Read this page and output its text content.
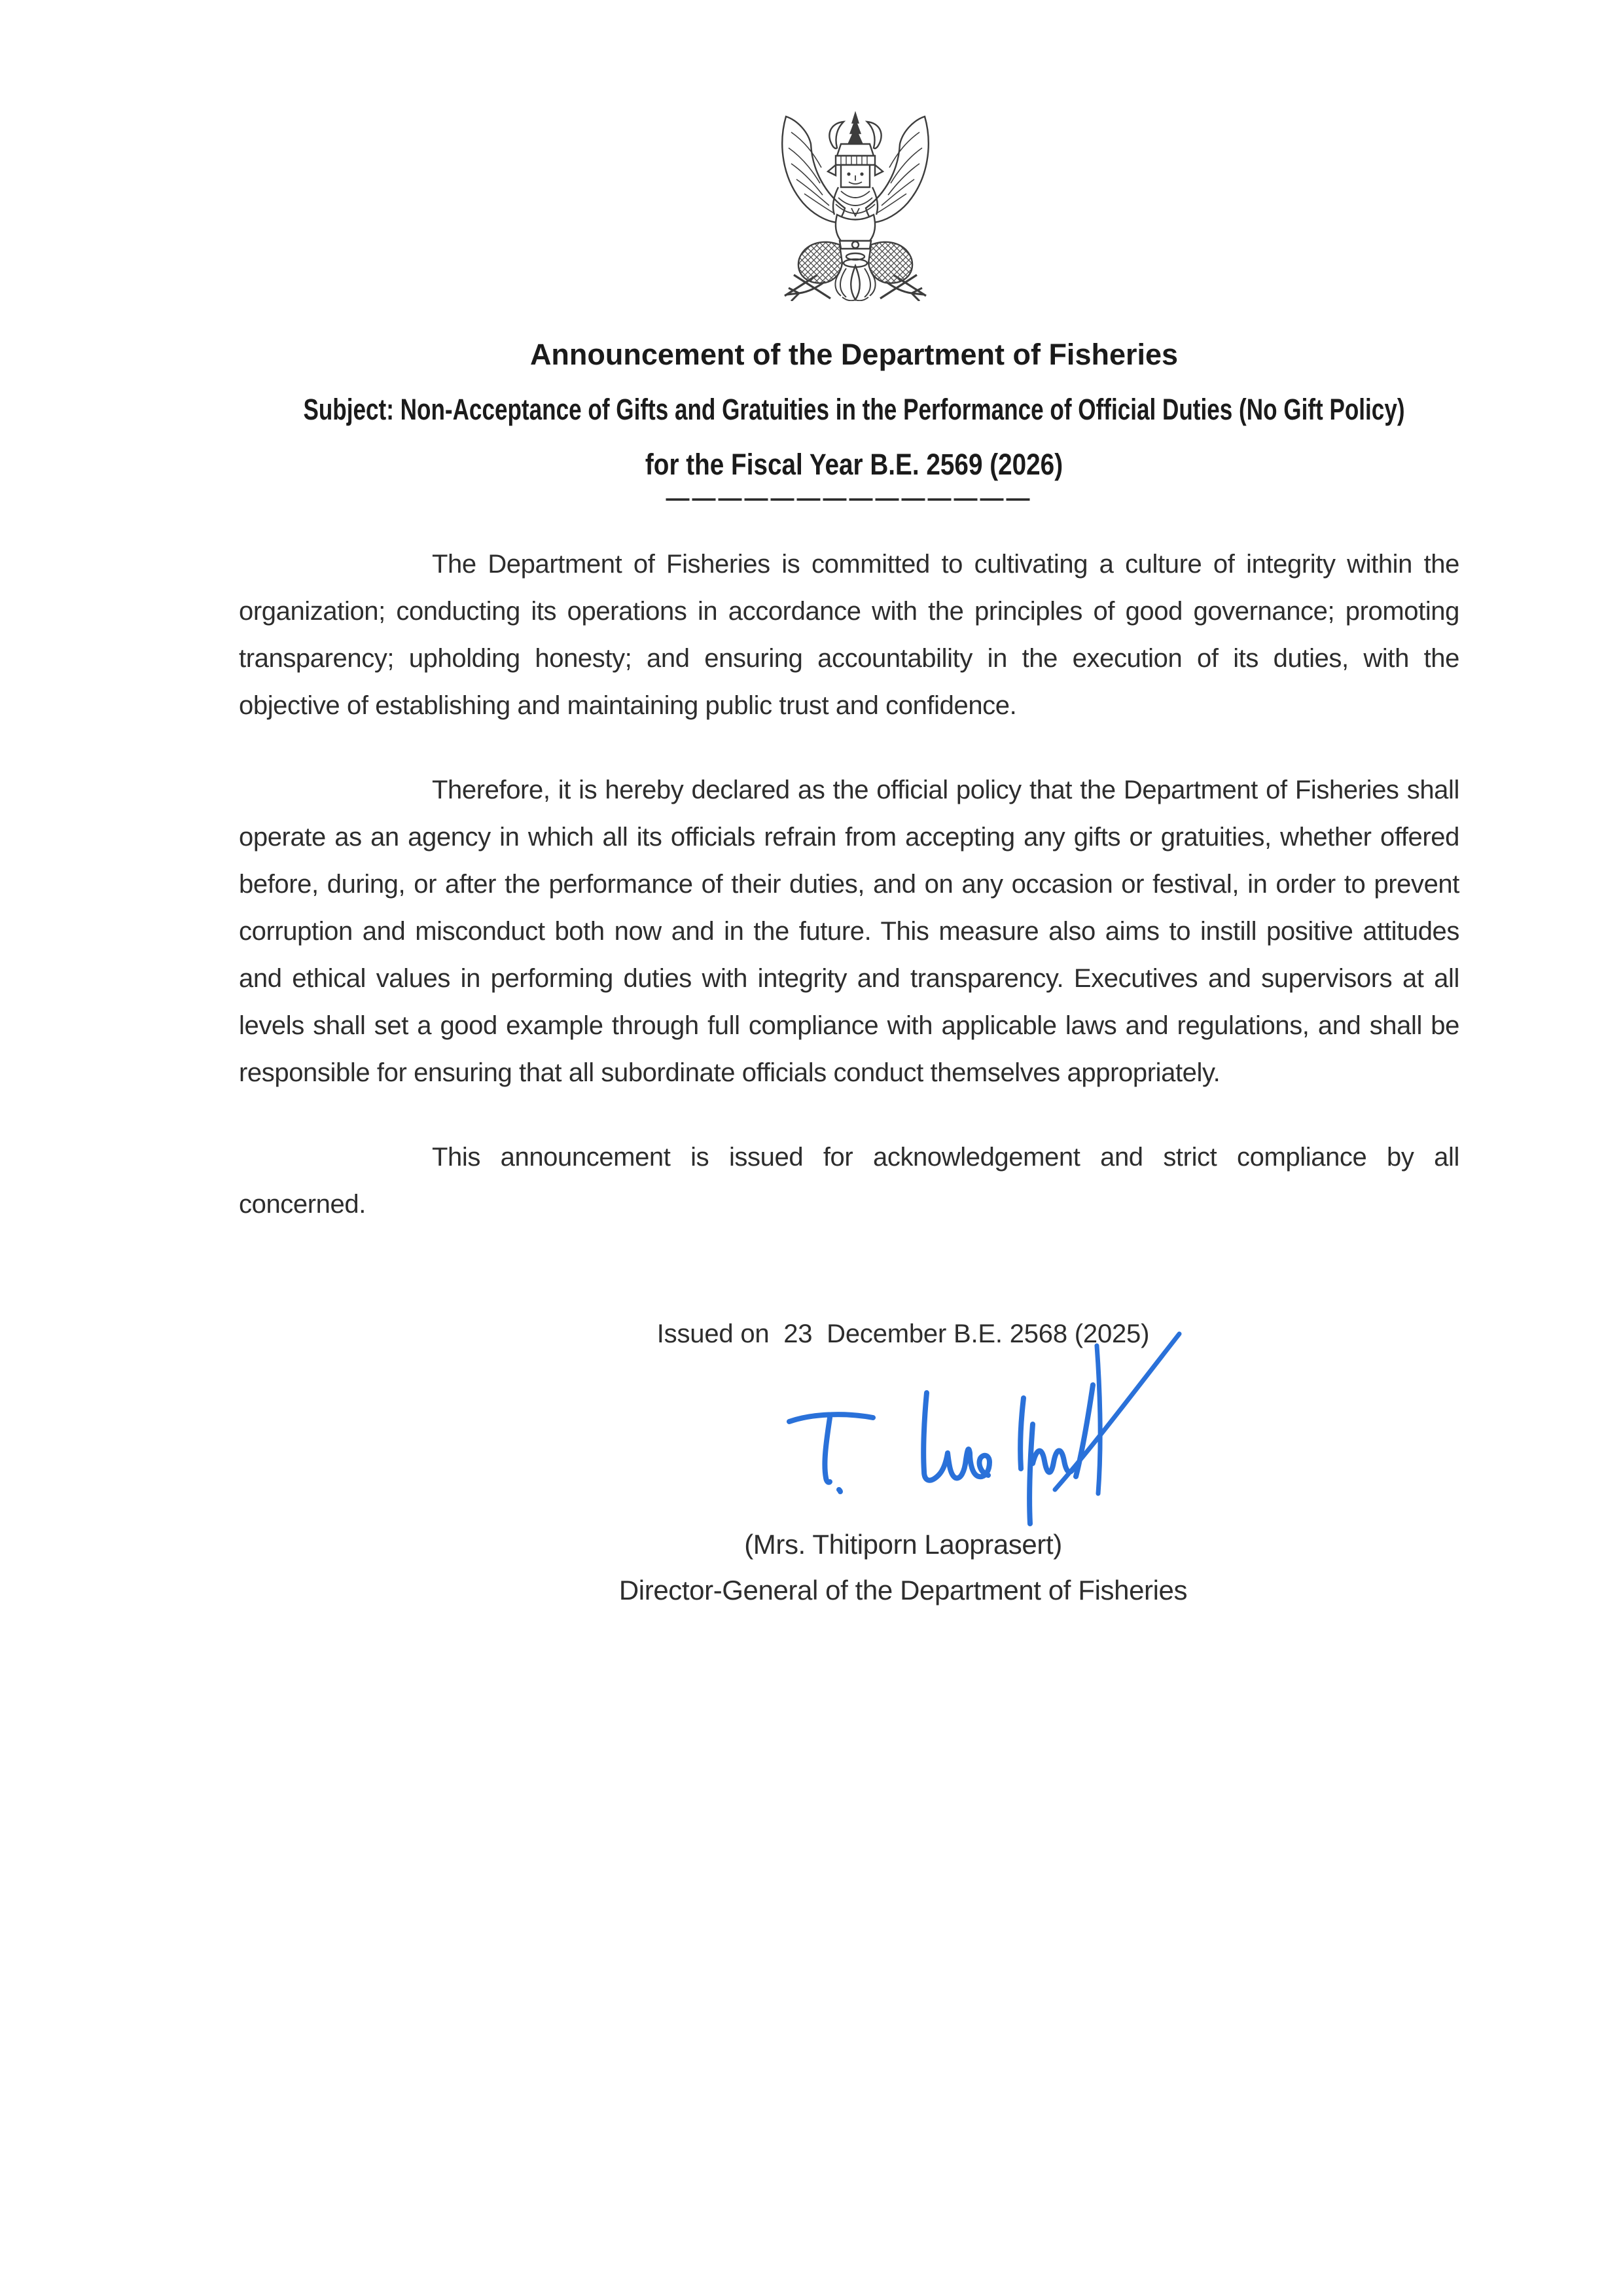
Announcement of the Department of Fisheries
Subject: Non-Acceptance of Gifts and Gratuities in the Performance of Official Duties (No Gift Policy)
for the Fiscal Year B.E. 2569 (2026)
——————————————

The Department of Fisheries is committed to cultivating a culture of integrity within the organization; conducting its operations in accordance with the principles of good governance; promoting transparency; upholding honesty; and ensuring accountability in the execution of its duties, with the objective of establishing and maintaining public trust and confidence.

Therefore, it is hereby declared as the official policy that the Department of Fisheries shall operate as an agency in which all its officials refrain from accepting any gifts or gratuities, whether offered before, during, or after the performance of their duties, and on any occasion or festival, in order to prevent corruption and misconduct both now and in the future. This measure also aims to instill positive attitudes and ethical values in performing duties with integrity and transparency. Executives and supervisors at all levels shall set a good example through full compliance with applicable laws and regulations, and shall be responsible for ensuring that all subordinate officials conduct themselves appropriately.

This announcement is issued for acknowledgement and strict compliance by all concerned.

Issued on  23  December B.E. 2568 (2025)
(Mrs. Thitiporn Laoprasert)
Director-General of the Department of Fisheries
